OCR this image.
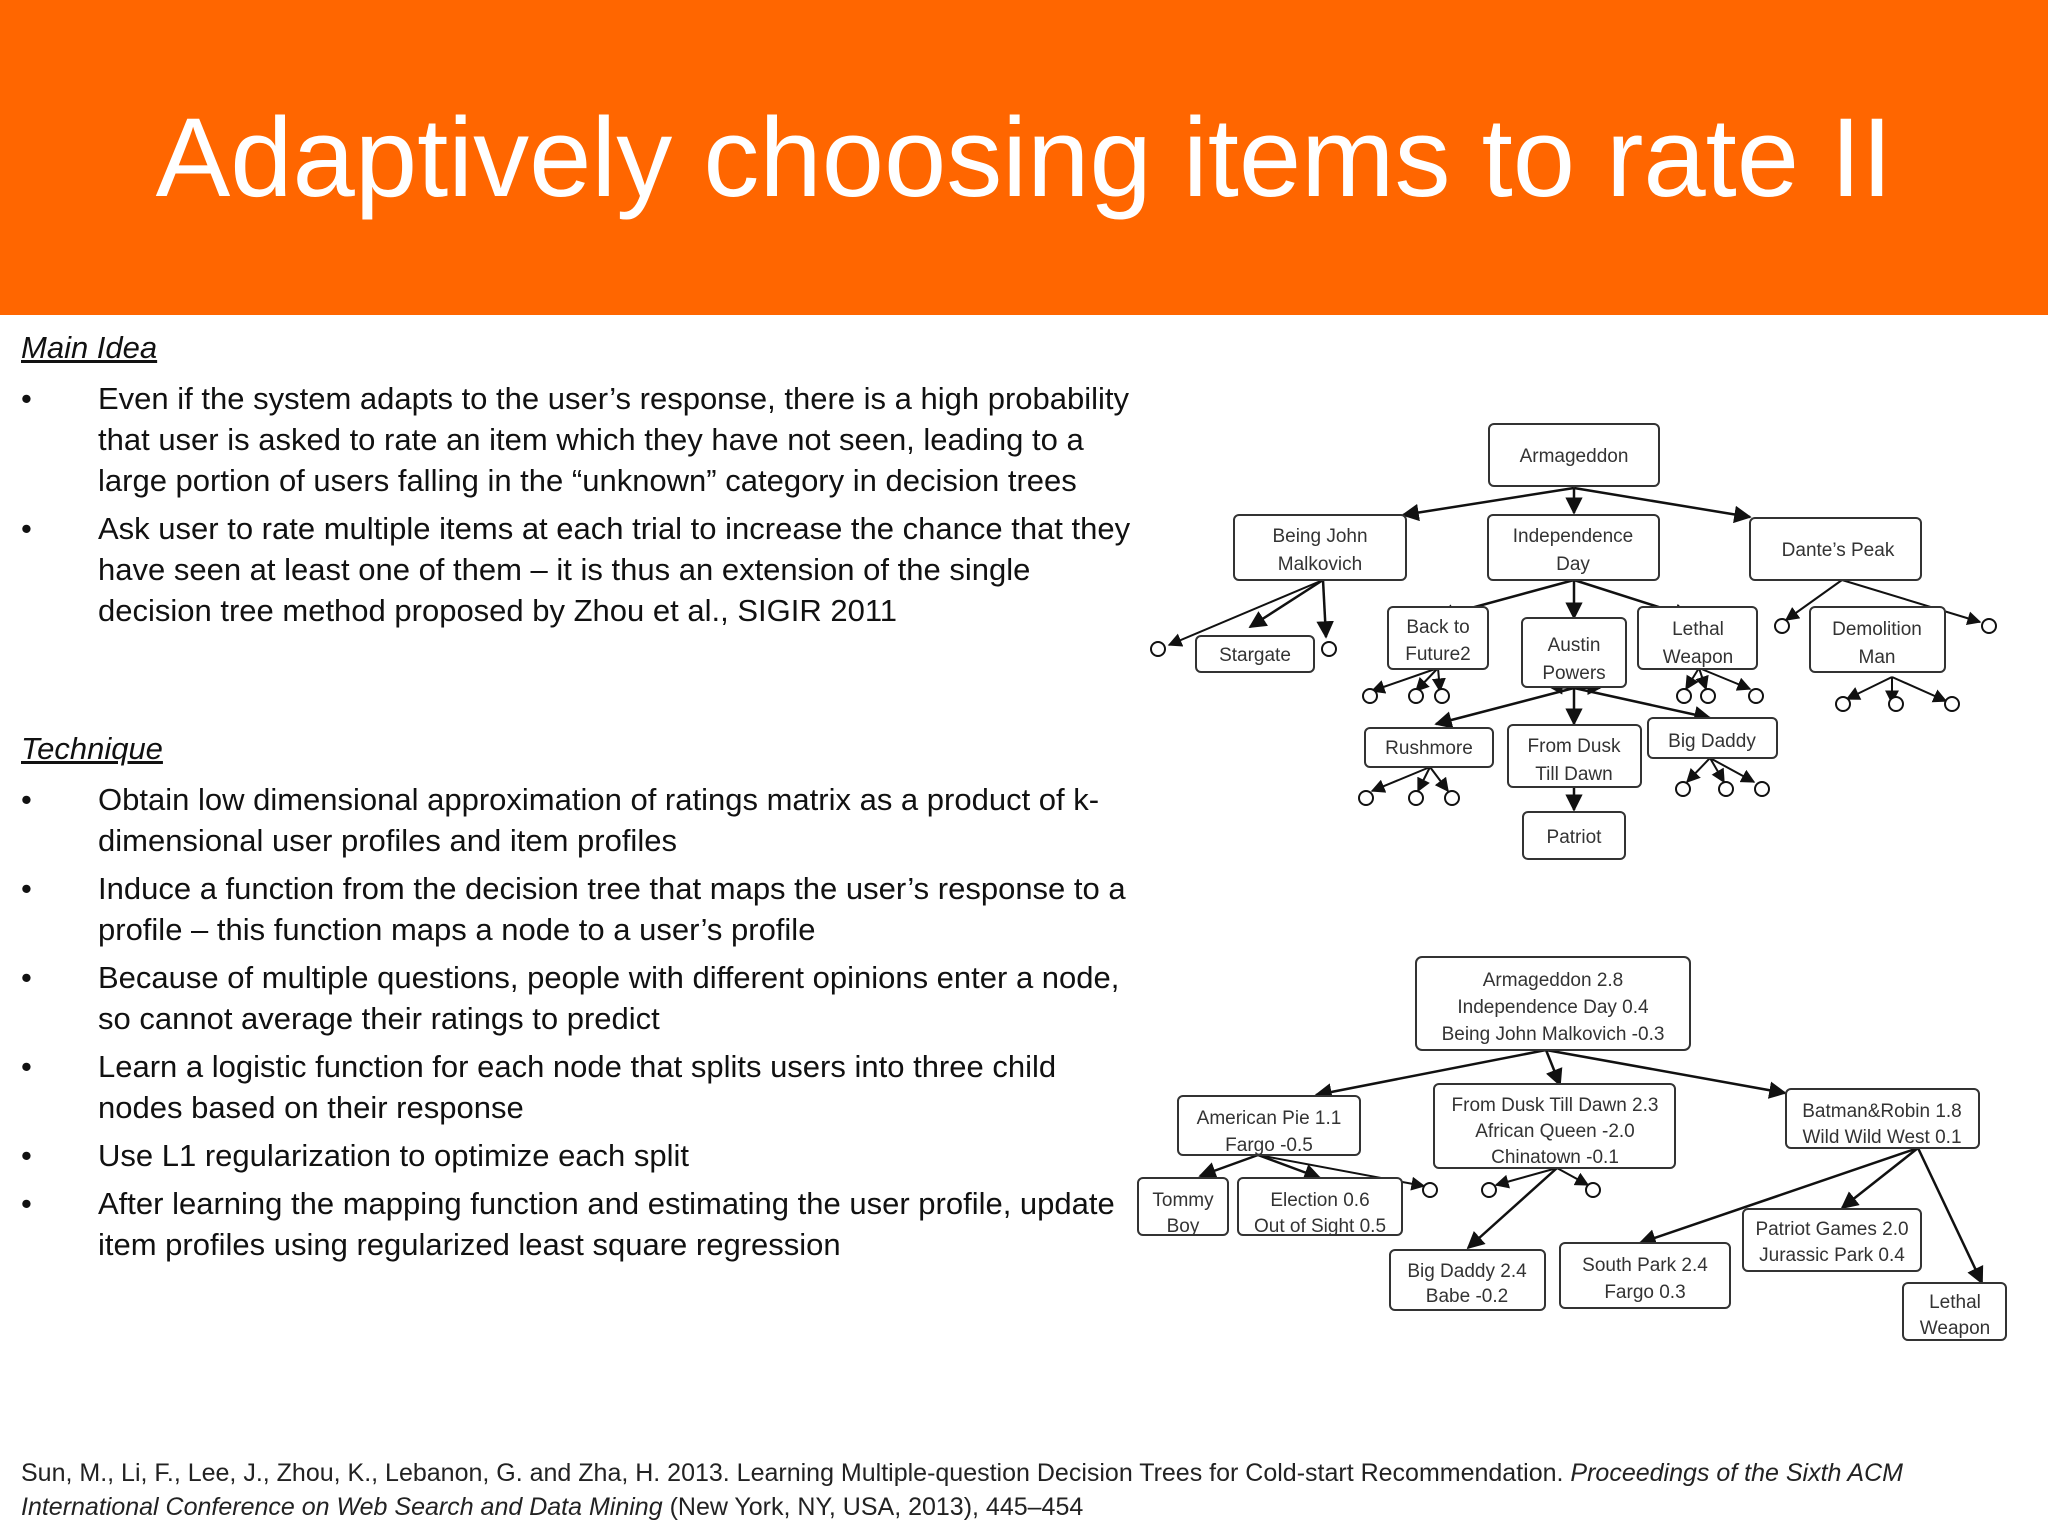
Adaptively choosing items to rate II
Main Idea
• Even if the system adapts to the user’s response, there is a high probability that user is asked to rate an item which they have not seen, leading to a large portion of users falling in the “unknown” category in decision trees
• Ask user to rate multiple items at each trial to increase the chance that they have seen at least one of them – it is thus an extension of the single decision tree method proposed by Zhou et al., SIGIR 2011
Technique
• Obtain low dimensional approximation of ratings matrix as a product of k-dimensional user profiles and item profiles
• Induce a function from the decision tree that maps the user’s response to a profile – this function maps a node to a user’s profile
• Because of multiple questions, people with different opinions enter a node, so cannot average their ratings to predict
• Learn a logistic function for each node that splits users into three child nodes based on their response
• Use L1 regularization to optimize each split
• After learning the mapping function and estimating the user profile, update item profiles using regularized least square regression
Armageddon
Being John
Malkovich
Independence
Day
Dante’s Peak
Stargate
Back to
Future2	Austin
Powers
Lethal
Weapon
Demolition
Man
Rushmore	From Dusk
Till Dawn
Big Daddy
Patriot
Armageddon 2.8
Independence Day 0.4
Being John Malkovich -0.3
American Pie 1.1
Fargo -0.5
From Dusk Till Dawn 2.3
African Queen -2.0
Chinatown -0.1
Batman&Robin 1.8
Wild Wild West 0.1
Tommy
Boy
Election 0.6
Out of Sight 0.5
Big Daddy 2.4
Babe -0.2
South Park 2.4
Fargo 0.3
Patriot Games 2.0
Jurassic Park 0.4
Lethal
Weapon
Sun, M., Li, F., Lee, J., Zhou, K., Lebanon, G. and Zha, H. 2013. Learning Multiple-question Decision Trees for Cold-start Recommendation. Proceedings of the Sixth ACM International Conference on Web Search and Data Mining (New York, NY, USA, 2013), 445–454
